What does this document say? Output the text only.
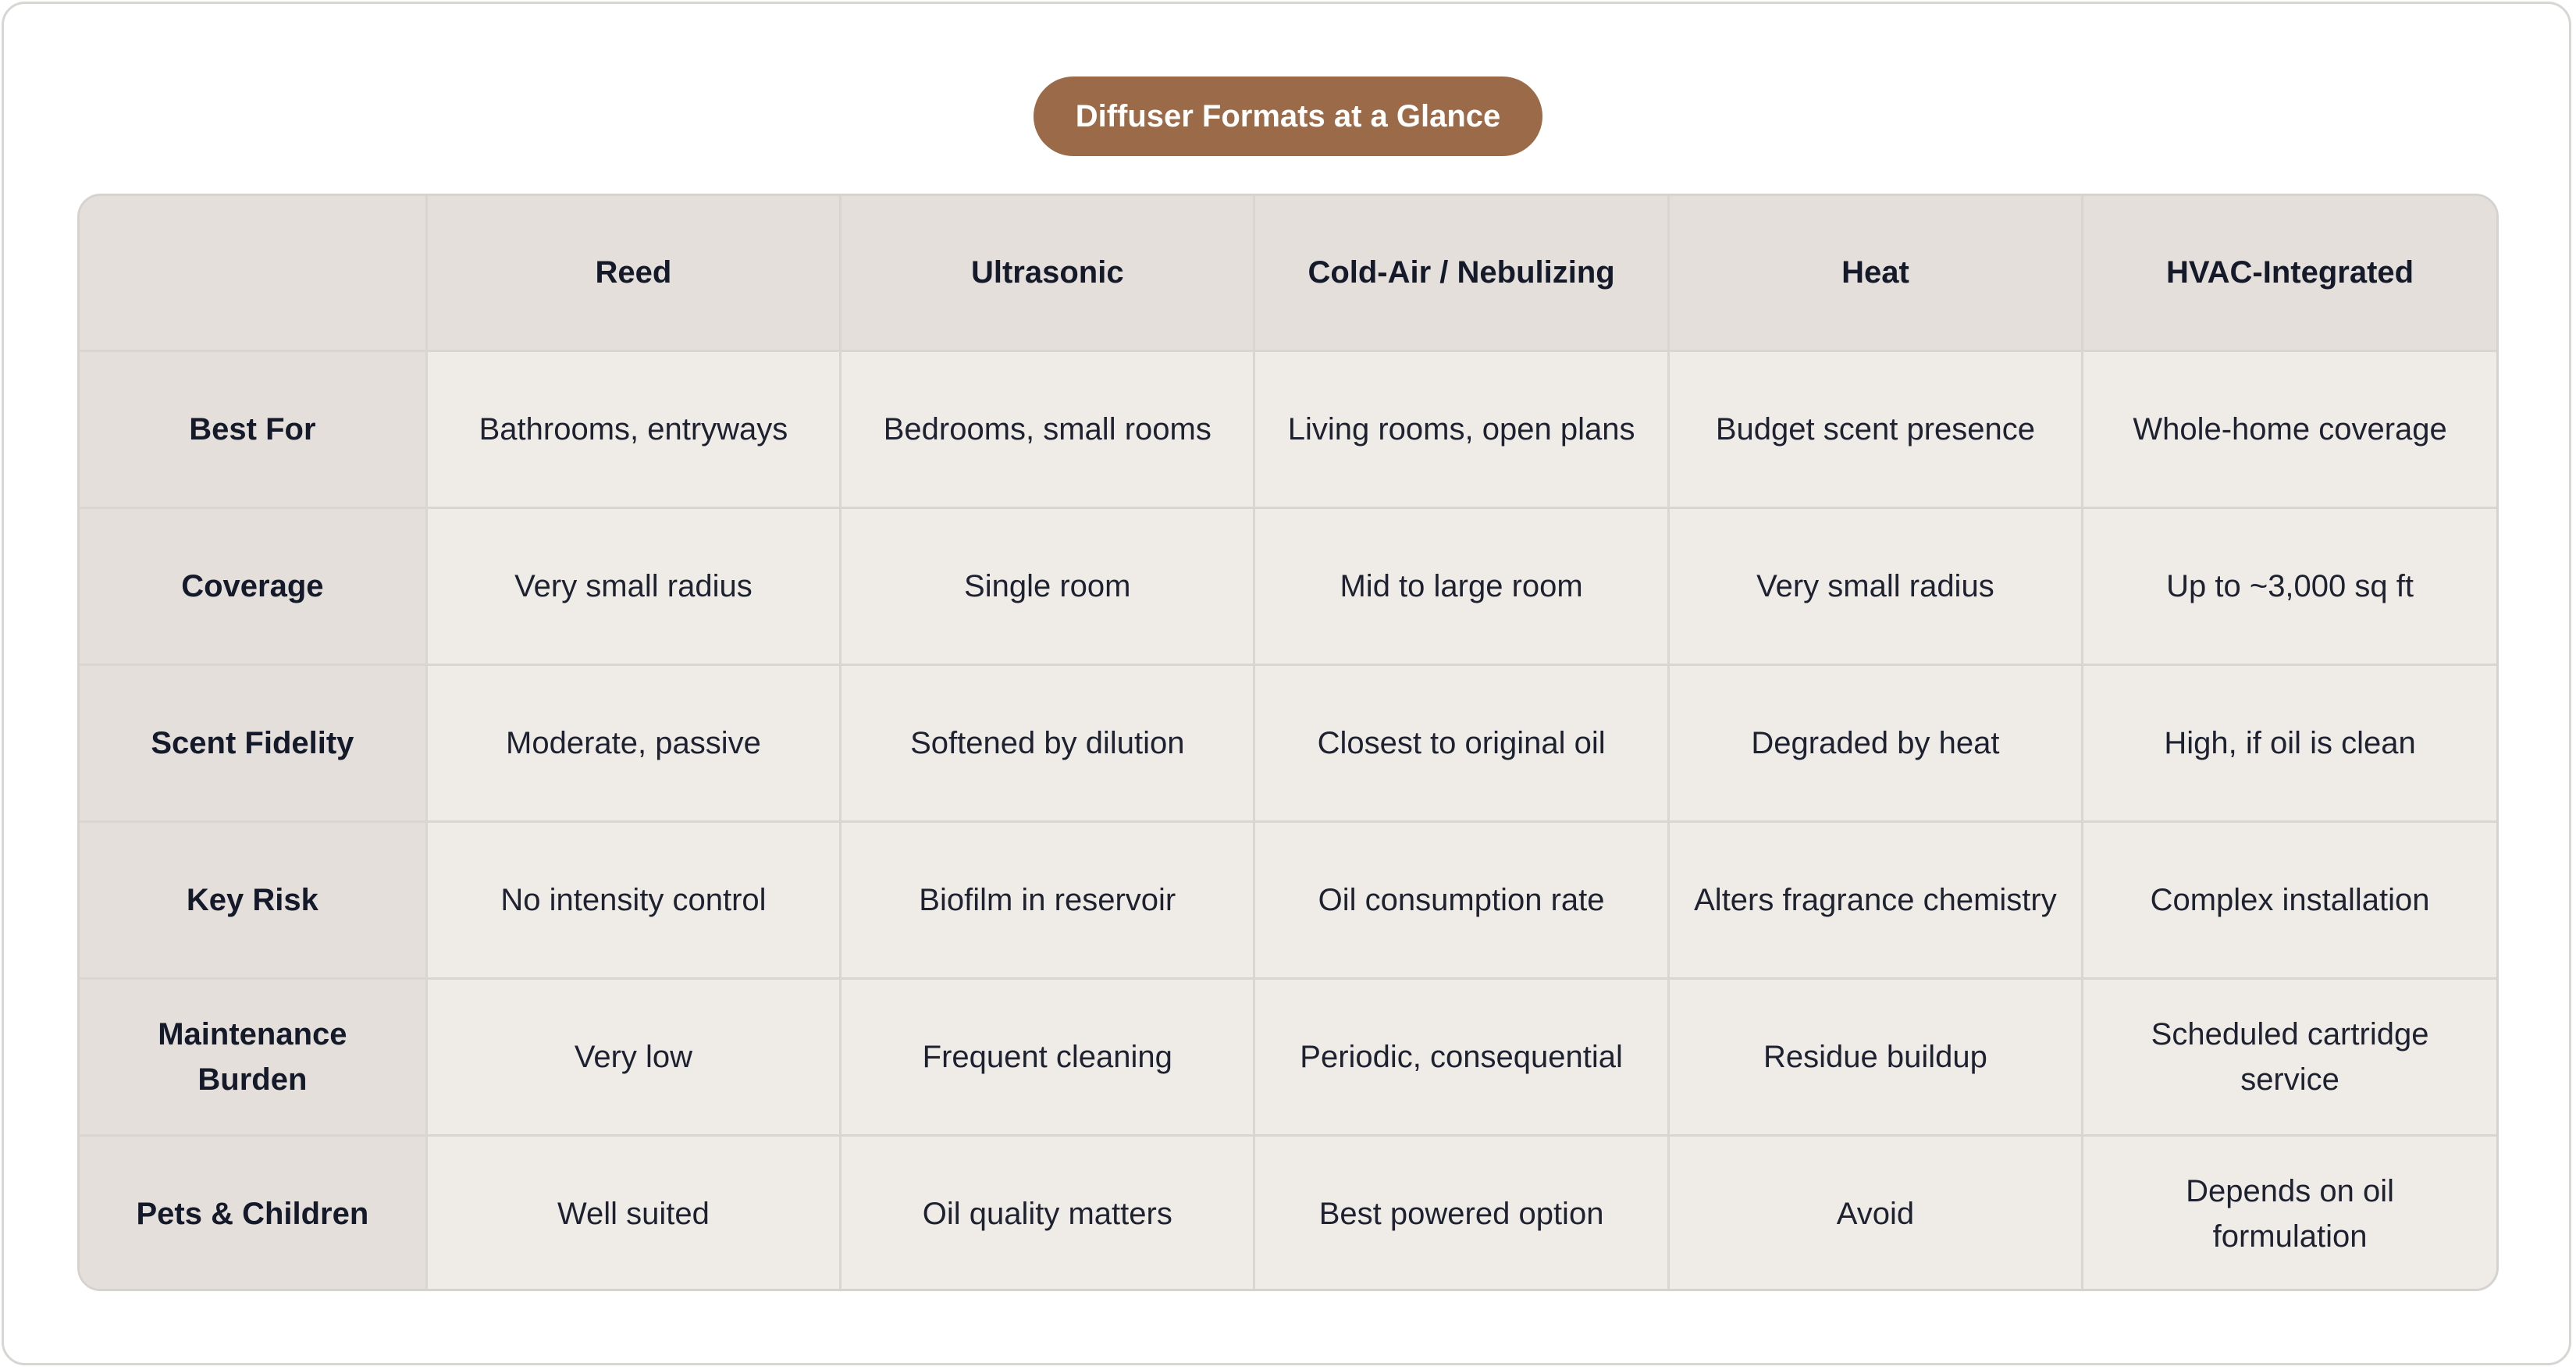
Diffuser Formats at a Glance
	Reed	Ultrasonic	Cold-Air / Nebulizing	Heat	HVAC-Integrated
Best For	Bathrooms, entryways	Bedrooms, small rooms	Living rooms, open plans	Budget scent presence	Whole-home coverage
Coverage	Very small radius	Single room	Mid to large room	Very small radius	Up to ~3,000 sq ft
Scent Fidelity	Moderate, passive	Softened by dilution	Closest to original oil	Degraded by heat	High, if oil is clean
Key Risk	No intensity control	Biofilm in reservoir	Oil consumption rate	Alters fragrance chemistry	Complex installation
Maintenance Burden	Very low	Frequent cleaning	Periodic, consequential	Residue buildup	Scheduled cartridge service
Pets & Children	Well suited	Oil quality matters	Best powered option	Avoid	Depends on oil formulation
